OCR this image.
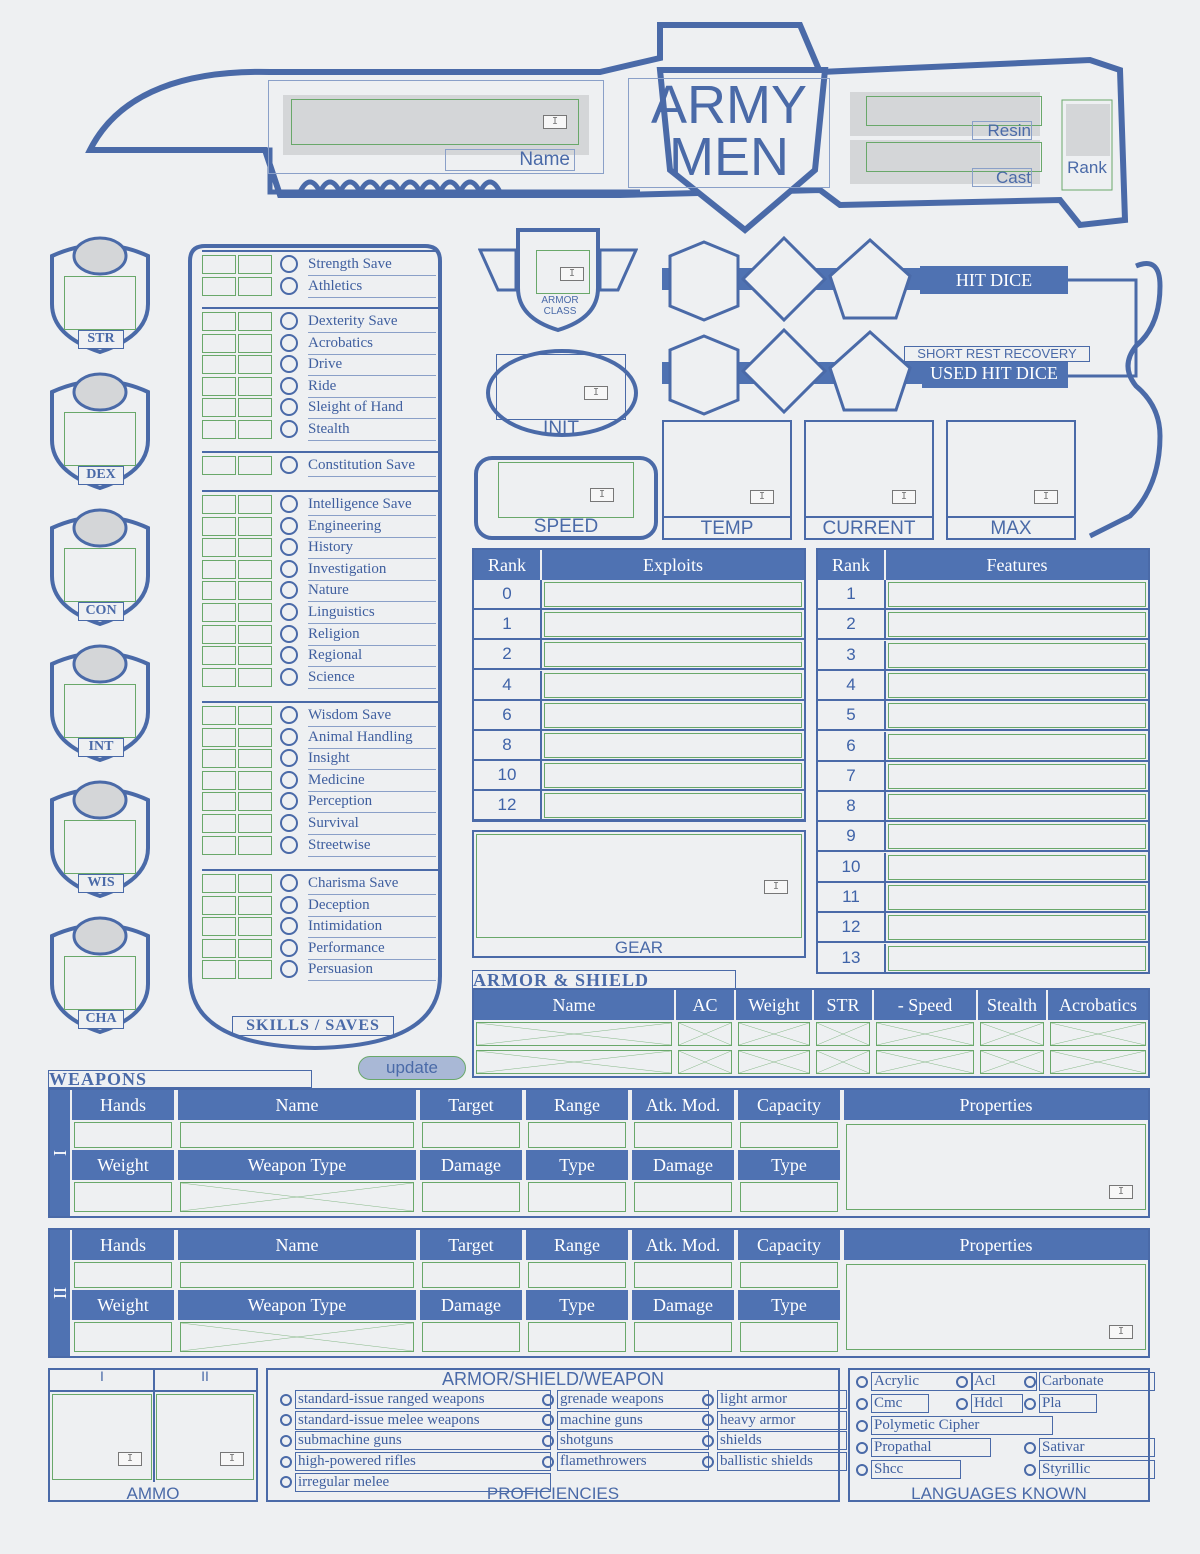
I
Name
ARMY
MEN	Resin
Cast
Rank
Strength Save
Athletics
Dexterity Save
Acrobatics
Drive
Ride
Sleight of Hand
Stealth
Constitution Save
Intelligence Save
Engineering
History
Investigation
Nature
Linguistics
Religion
Regional
Science
Wisdom Save
Animal Handling
Insight
Medicine
Perception
Survival
Streetwise
Charisma Save
Deception
Intimidation
Performance
Persuasion
SKILLS / SAVES
I
ARMOR CLASS
I
INIT
I
SPEED
HIT DICE
SHORT REST RECOVERY
USED HIT DICE
I
TEMP
I
CURRENT
I
MAX
Rank	Exploits
0
1
2
4
6
8
10
12
Rank	Features
1
2
3
4
5
6
7
8
9
10
11
12
13
I
GEAR
ARMOR & SHIELD
Name	AC	Weight	STR	- Speed	Stealth	Acrobatics
update
WEAPONS
I
Hands	Name	Target	Range	Atk. Mod.	Capacity	Properties
Weight	Weapon Type	Damage	Type	Damage	Type
I
II
Hands	Name	Target	Range	Atk. Mod.	Capacity	Properties
Weight	Weapon Type	Damage	Type	Damage	Type
I
I	II
I	I
AMMO
ARMOR/SHIELD/WEAPON
standard-issue ranged weapons
standard-issue melee weapons
submachine guns
high-powered rifles
irregular melee
grenade weapons
machine guns
shotguns
flamethrowers
light armor
heavy armor
shields
ballistic shields
PROFICIENCIES
Acrylic	Acl	Carbonate
Cmc	Hdcl	Pla
Polymetic Cipher
Propathal	Sativar
Shcc	Styrillic
LANGUAGES KNOWN
STR
DEX
CON
INT
WIS
CHA
